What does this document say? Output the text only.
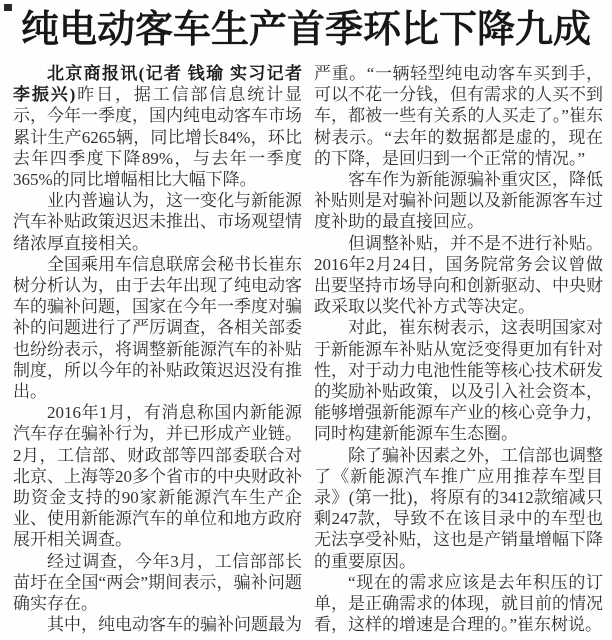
纯电动客车生产首季环比下降九成

北京商报讯(记者 钱瑜 实习记者 李振兴)昨日，据工信部信息统计显示，今年一季度，国内纯电动客车市场累计生产6265辆，同比增长84%，环比去年四季度下降89%，与去年一季度365%的同比增幅相比大幅下降。

业内普遍认为，这一变化与新能源汽车补贴政策迟迟未推出、市场观望情绪浓厚直接相关。

全国乘用车信息联席会秘书长崔东树分析认为，由于去年出现了纯电动客车的骗补问题，国家在今年一季度对骗补的问题进行了严厉调查，各相关部委也纷纷表示，将调整新能源汽车的补贴制度，所以今年的补贴政策迟迟没有推出。

2016年1月，有消息称国内新能源汽车存在骗补行为，并已形成产业链。2月，工信部、财政部等四部委联合对北京、上海等20多个省市的中央财政补助资金支持的90家新能源汽车生产企业、使用新能源汽车的单位和地方政府展开相关调查。

经过调查，今年3月，工信部部长苗圩在全国“两会”期间表示，骗补问题确实存在。

其中，纯电动客车的骗补问题最为

严重。“一辆轻型纯电动客车买到手，可以不花一分钱，但有需求的人买不到车，都被一些有关系的人买走了。”崔东树表示。“去年的数据都是虚的，现在的下降，是回归到一个正常的情况。”

客车作为新能源骗补重灾区，降低补贴则是对骗补问题以及新能源客车过度补助的最直接回应。

但调整补贴，并不是不进行补贴。2016年2月24日，国务院常务会议曾做出要坚持市场导向和创新驱动、中央财政采取以奖代补方式等决定。

对此，崔东树表示，这表明国家对于新能源车补贴从宽泛变得更加有针对性，对于动力电池性能等核心技术研发的奖励补贴政策，以及引入社会资本，能够增强新能源车产业的核心竞争力，同时构建新能源车生态圈。

除了骗补因素之外，工信部也调整了《新能源汽车推广应用推荐车型目录》(第一批)，将原有的3412款缩减只剩247款，导致不在该目录中的车型也无法享受补贴，这也是产销量增幅下降的重要原因。

“现在的需求应该是去年积压的订单，是正确需求的体现，就目前的情况看，这样的增速是合理的。”崔东树说。
